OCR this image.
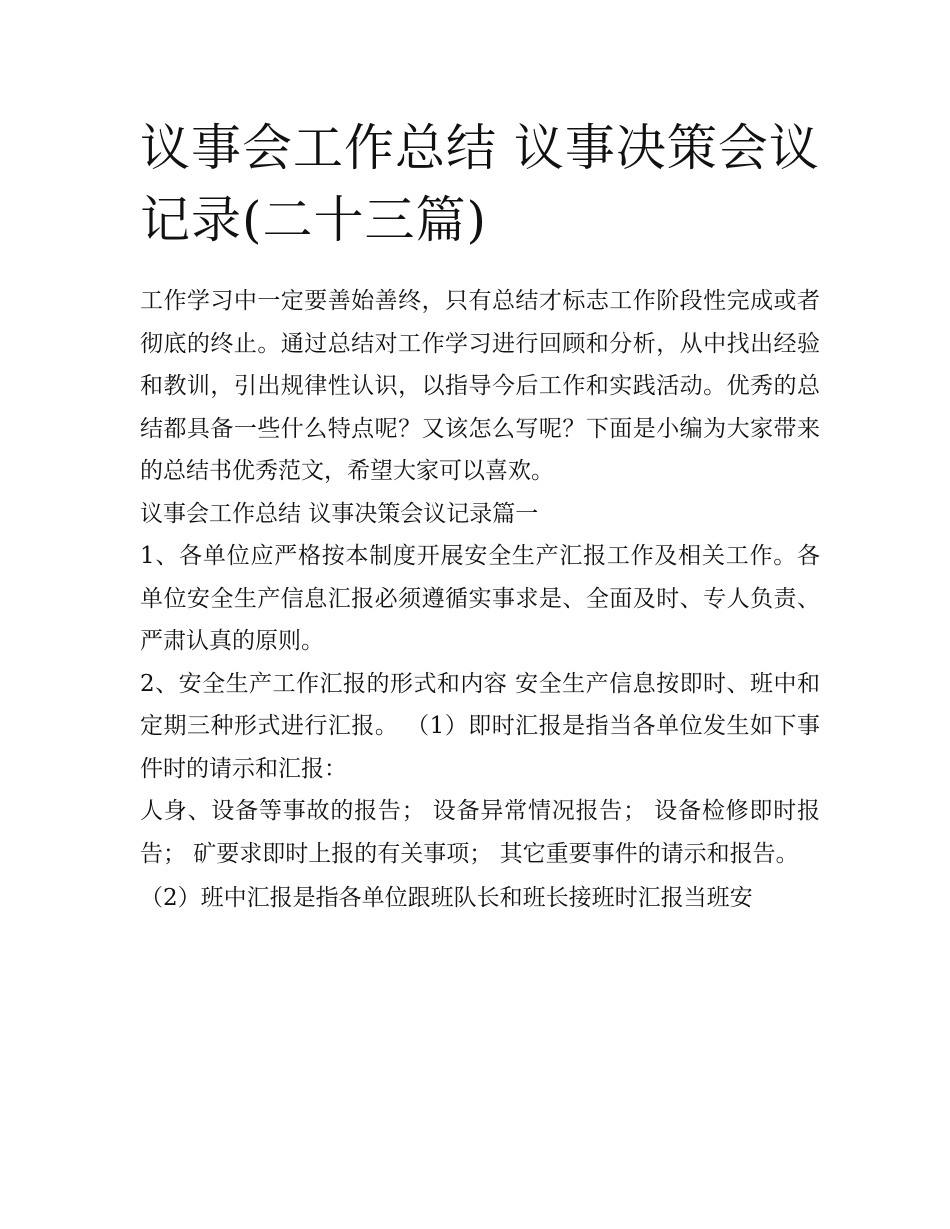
议事会工作总结 议事决策会议记录(二十三篇)

工作学习中一定要善始善终，只有总结才标志工作阶段性完成或者彻底的终止。通过总结对工作学习进行回顾和分析，从中找出经验和教训，引出规律性认识，以指导今后工作和实践活动。优秀的总结都具备一些什么特点呢？又该怎么写呢？下面是小编为大家带来的总结书优秀范文，希望大家可以喜欢。

议事会工作总结 议事决策会议记录篇一

1、各单位应严格按本制度开展安全生产汇报工作及相关工作。各单位安全生产信息汇报必须遵循实事求是、全面及时、专人负责、严肃认真的原则。

2、安全生产工作汇报的形式和内容 安全生产信息按即时、班中和定期三种形式进行汇报。 （1）即时汇报是指当各单位发生如下事件时的请示和汇报：

人身、设备等事故的报告； 设备异常情况报告； 设备检修即时报告； 矿要求即时上报的有关事项； 其它重要事件的请示和报告。

（2）班中汇报是指各单位跟班队长和班长接班时汇报当班安
